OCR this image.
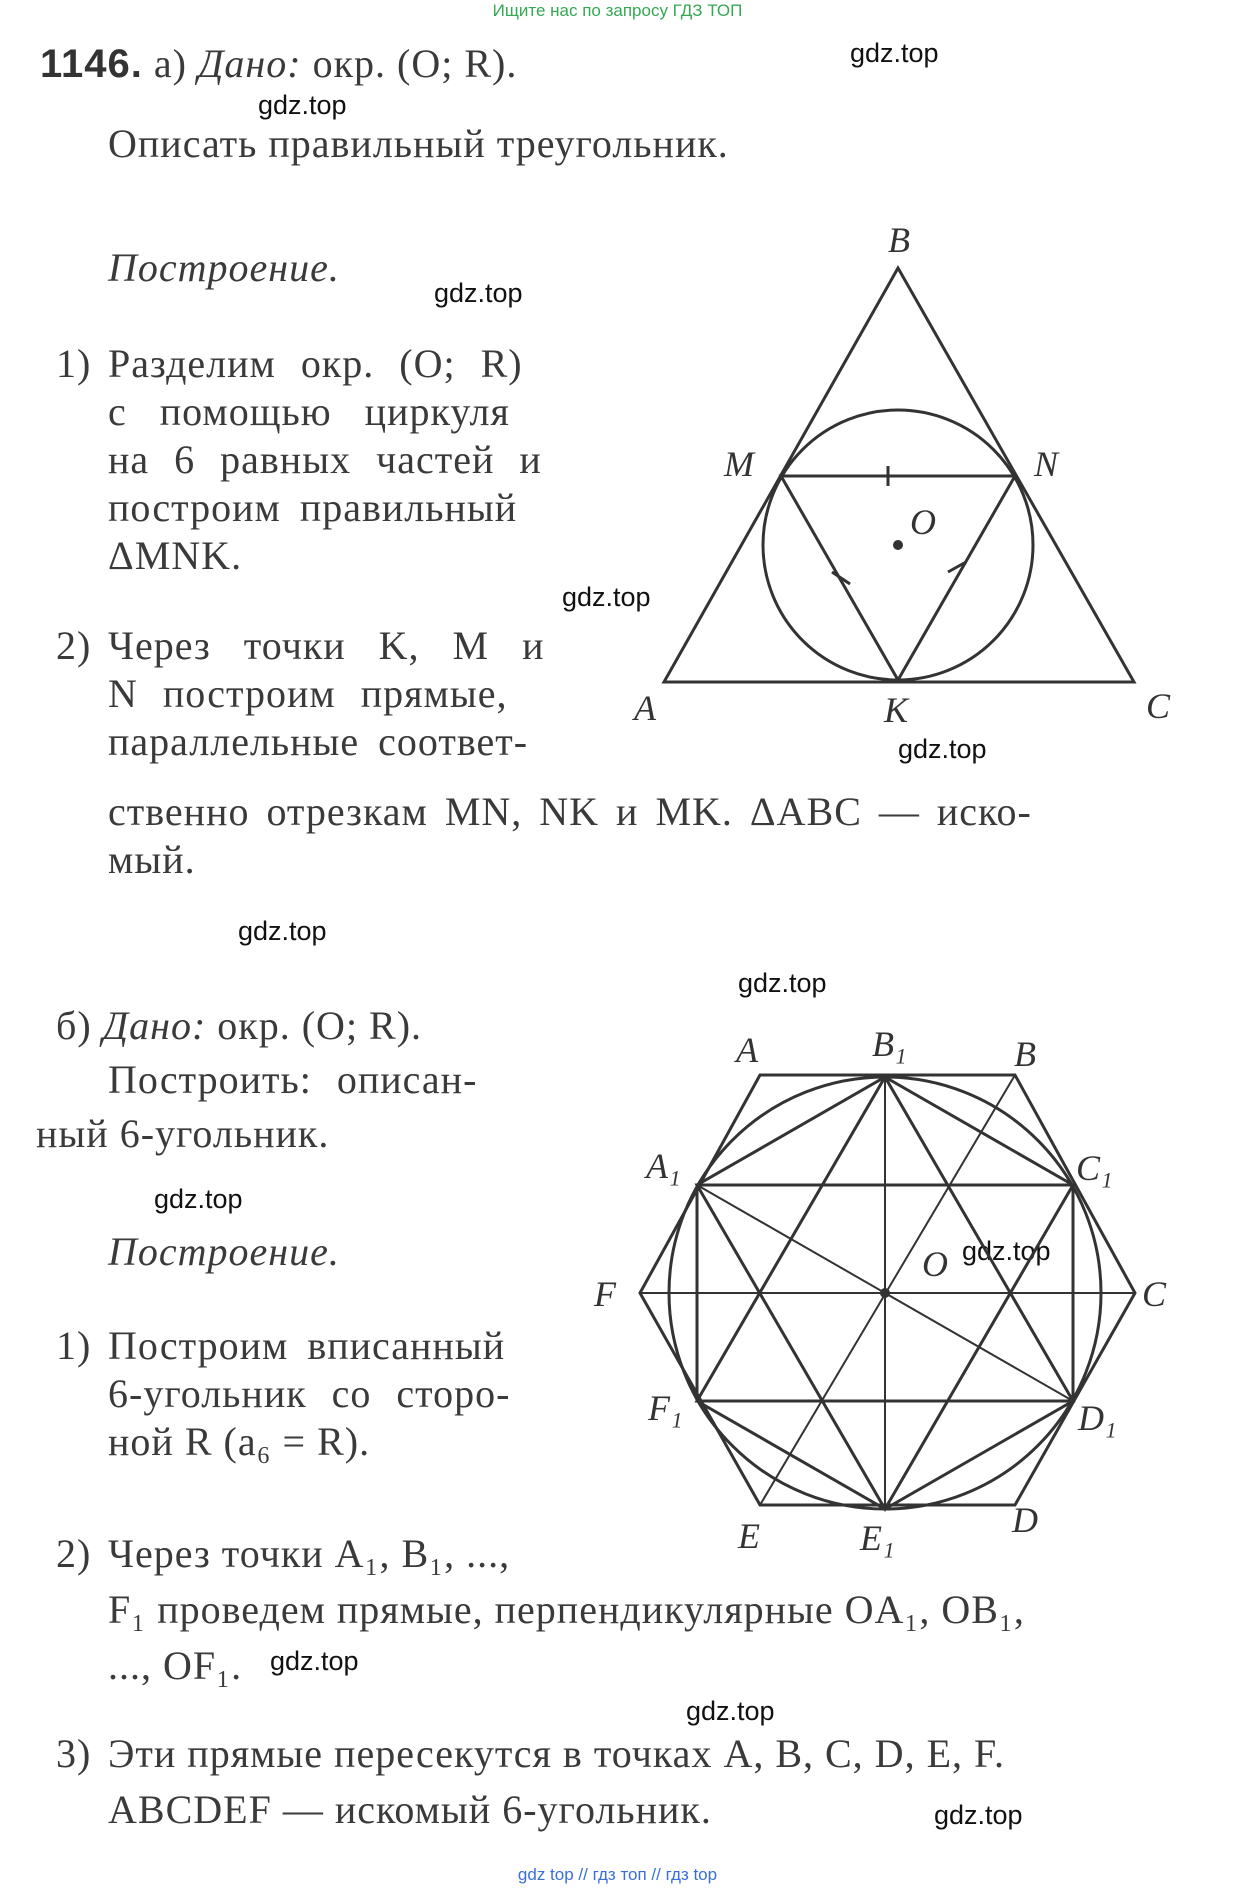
Ищите нас по запросу ГДЗ ТОП
gdz.top
gdz.top
gdz.top
gdz.top
gdz.top
gdz.top
gdz.top
gdz.top
gdz.top
gdz.top
gdz.top
gdz.top
1146. а) Дано: окр. (O; R).
Описать правильный треугольник.
Построение.
1) Разделим окр. (O; R)
с помощью циркуля
на 6 равных частей и
построим правильный
ΔMNK.
2) Через точки K, M и
N построим прямые,
параллельные соответ-
ственно отрезкам MN, NK и MK. ΔABC — иско-
мый.
B
A	C
M	N
K
O
б) Дано: окр. (O; R).
Построить: описан-
ный 6-угольник.
Построение.
1) Построим вписанный
6-угольник со сторо-
ной R (a₆ = R).
2) Через точки A₁, B₁, ...,
F₁ проведем прямые, перпендикулярные OA₁, OB₁,
..., OF₁.
3) Эти прямые пересекутся в точках A, B, C, D, E, F.
ABCDEF — искомый 6-угольник.
A	B
C
D
E
F
O
B₁
C₁
D₁
E₁
F₁
A₁
gdz top // гдз топ // гдз top
